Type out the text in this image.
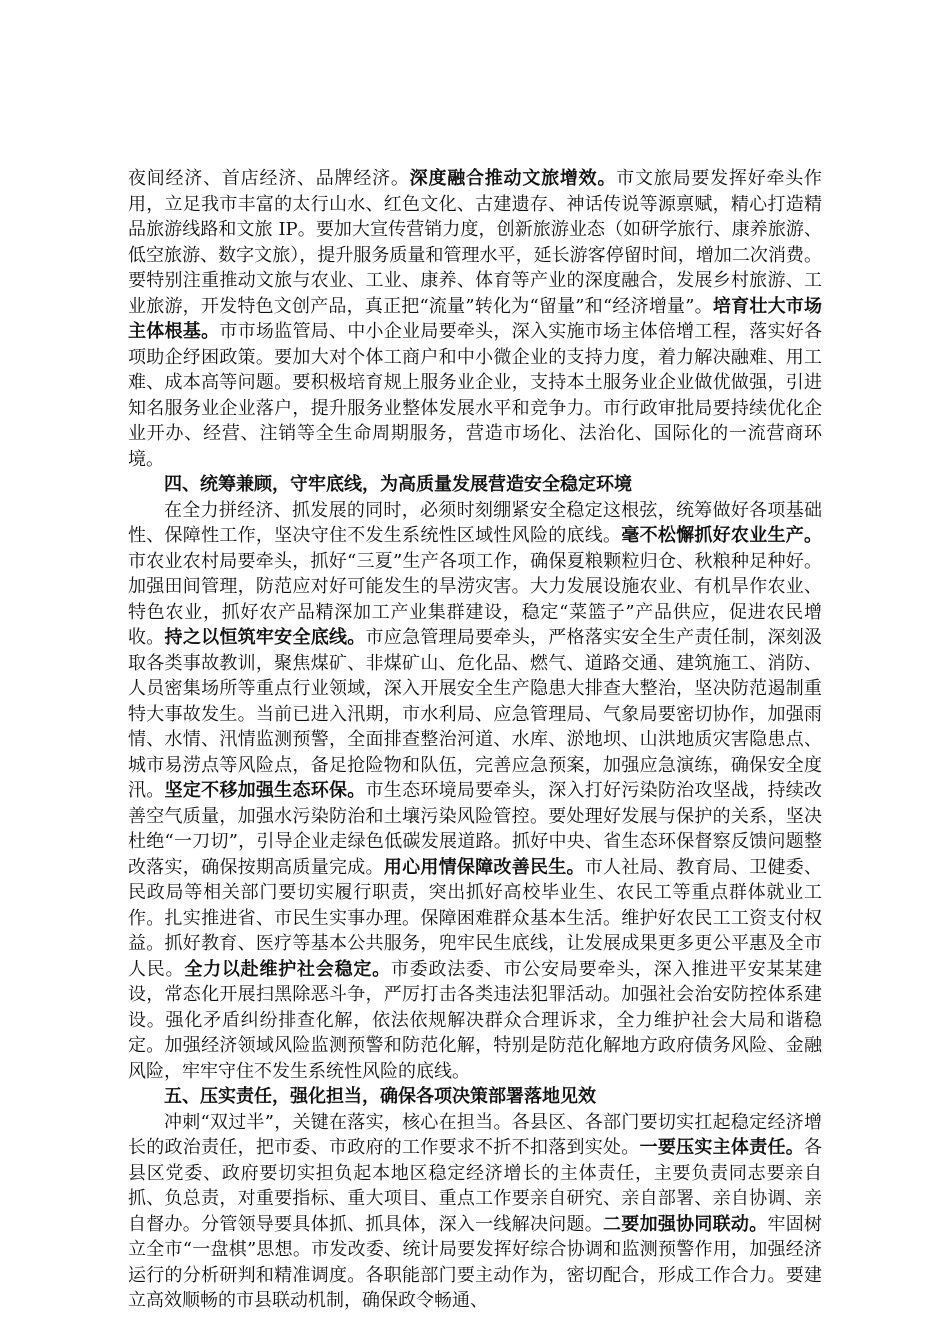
夜间经济、首店经济、品牌经济。深度融合推动文旅增效。市文旅局要发挥好牵头作用，立足我市丰富的太行山水、红色文化、古建遗存、神话传说等源禀赋，精心打造精品旅游线路和文旅 IP。要加大宣传营销力度，创新旅游业态（如研学旅行、康养旅游、低空旅游、数字文旅），提升服务质量和管理水平，延长游客停留时间，增加二次消费。要特别注重推动文旅与农业、工业、康养、体育等产业的深度融合，发展乡村旅游、工业旅游，开发特色文创产品，真正把“流量”转化为“留量”和“经济增量”。培育壮大市场主体根基。市市场监管局、中小企业局要牵头，深入实施市场主体倍增工程，落实好各项助企纾困政策。要加大对个体工商户和中小微企业的支持力度，着力解决融难、用工难、成本高等问题。要积极培育规上服务业企业，支持本土服务业企业做优做强，引进知名服务业企业落户，提升服务业整体发展水平和竞争力。市行政审批局要持续优化企业开办、经营、注销等全生命周期服务，营造市场化、法治化、国际化的一流营商环境。

四、统筹兼顾，守牢底线，为高质量发展营造安全稳定环境

在全力拼经济、抓发展的同时，必须时刻绷紧安全稳定这根弦，统筹做好各项基础性、保障性工作，坚决守住不发生系统性区域性风险的底线。毫不松懈抓好农业生产。市农业农村局要牵头，抓好“三夏”生产各项工作，确保夏粮颗粒归仓、秋粮种足种好。加强田间管理，防范应对好可能发生的旱涝灾害。大力发展设施农业、有机旱作农业、特色农业，抓好农产品精深加工产业集群建设，稳定“菜篮子”产品供应，促进农民增收。持之以恒筑牢安全底线。市应急管理局要牵头，严格落实安全生产责任制，深刻汲取各类事故教训，聚焦煤矿、非煤矿山、危化品、燃气、道路交通、建筑施工、消防、人员密集场所等重点行业领域，深入开展安全生产隐患大排查大整治，坚决防范遏制重特大事故发生。当前已进入汛期，市水利局、应急管理局、气象局要密切协作，加强雨情、水情、汛情监测预警，全面排查整治河道、水库、淤地坝、山洪地质灾害隐患点、城市易涝点等风险点，备足抢险物和队伍，完善应急预案，加强应急演练，确保安全度汛。坚定不移加强生态环保。市生态环境局要牵头，深入打好污染防治攻坚战，持续改善空气质量，加强水污染防治和土壤污染风险管控。要处理好发展与保护的关系，坚决杜绝“一刀切”，引导企业走绿色低碳发展道路。抓好中央、省生态环保督察反馈问题整改落实，确保按期高质量完成。用心用情保障改善民生。市人社局、教育局、卫健委、民政局等相关部门要切实履行职责，突出抓好高校毕业生、农民工等重点群体就业工作。扎实推进省、市民生实事办理。保障困难群众基本生活。维护好农民工工资支付权益。抓好教育、医疗等基本公共服务，兜牢民生底线，让发展成果更多更公平惠及全市人民。全力以赴维护社会稳定。市委政法委、市公安局要牵头，深入推进平安某某建设，常态化开展扫黑除恶斗争，严厉打击各类违法犯罪活动。加强社会治安防控体系建设。强化矛盾纠纷排查化解，依法依规解决群众合理诉求，全力维护社会大局和谐稳定。加强经济领域风险监测预警和防范化解，特别是防范化解地方政府债务风险、金融风险，牢牢守住不发生系统性风险的底线。

五、压实责任，强化担当，确保各项决策部署落地见效

冲刺“双过半”，关键在落实，核心在担当。各县区、各部门要切实扛起稳定经济增长的政治责任，把市委、市政府的工作要求不折不扣落到实处。一要压实主体责任。各县区党委、政府要切实担负起本地区稳定经济增长的主体责任，主要负责同志要亲自抓、负总责，对重要指标、重大项目、重点工作要亲自研究、亲自部署、亲自协调、亲自督办。分管领导要具体抓、抓具体，深入一线解决问题。二要加强协同联动。牢固树立全市“一盘棋”思想。市发改委、统计局要发挥好综合协调和监测预警作用，加强经济运行的分析研判和精准调度。各职能部门要主动作为，密切配合，形成工作合力。要建立高效顺畅的市县联动机制，确保政令畅通、
